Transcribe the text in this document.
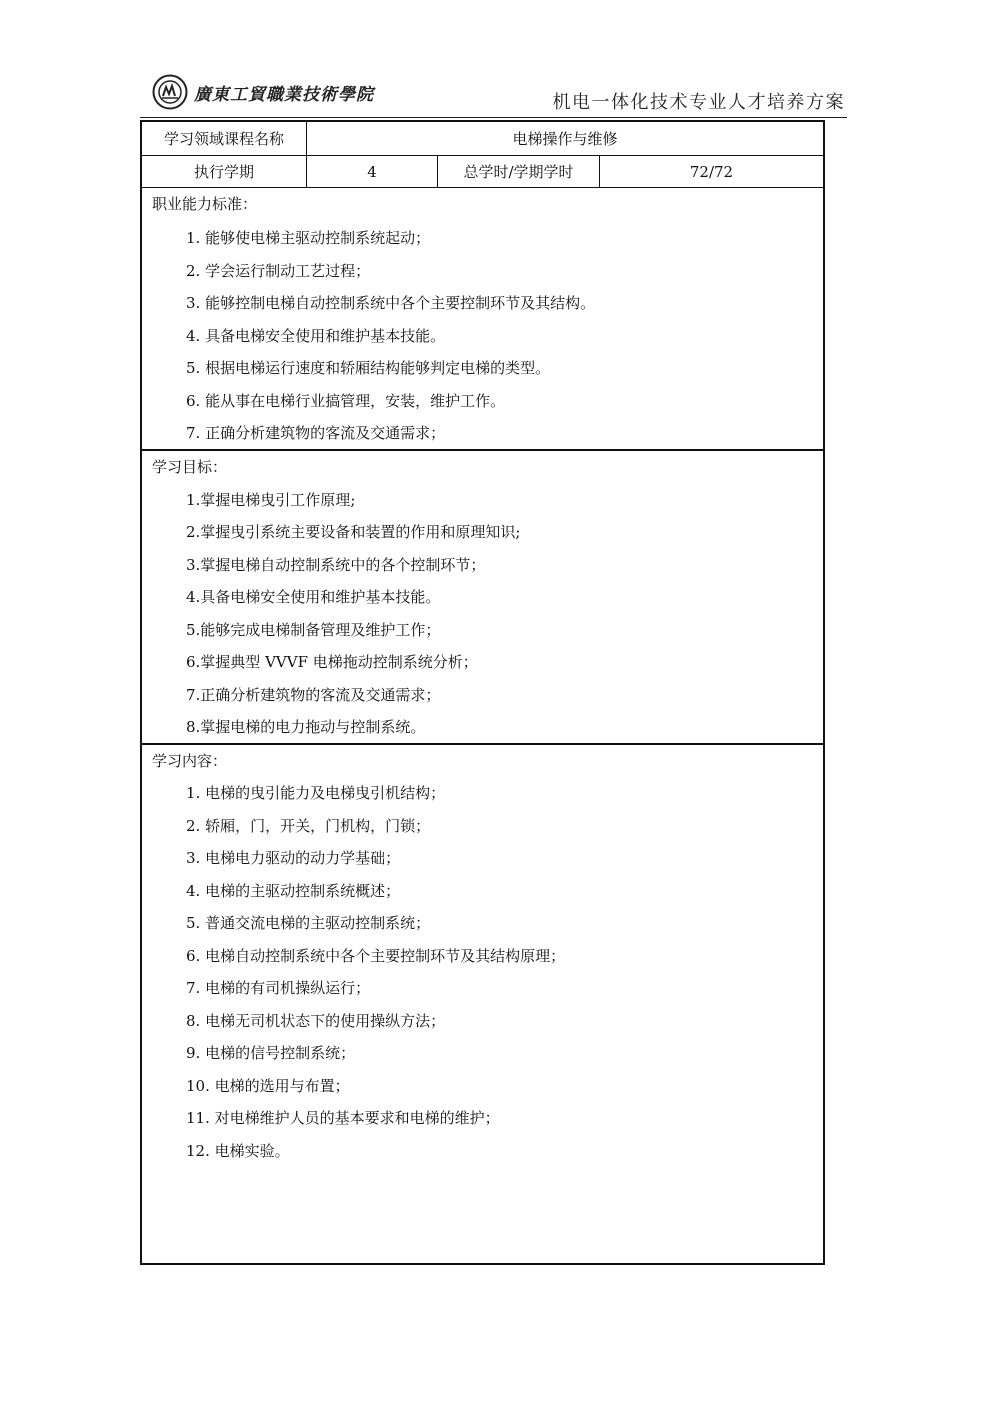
廣東工貿職業技術學院	机电一体化技术专业人才培养方案
学习领域课程名称	电梯操作与维修
执行学期	4	总学时/学期学时	72/72
职业能力标准：
1. 能够使电梯主驱动控制系统起动；
2. 学会运行制动工艺过程；
3. 能够控制电梯自动控制系统中各个主要控制环节及其结构。
4. 具备电梯安全使用和维护基本技能。
5. 根据电梯运行速度和轿厢结构能够判定电梯的类型。
6. 能从事在电梯行业搞管理，安装，维护工作。
7. 正确分析建筑物的客流及交通需求；
学习目标：
1.掌握电梯曳引工作原理;
2.掌握曳引系统主要设备和装置的作用和原理知识;
3.掌握电梯自动控制系统中的各个控制环节；
4.具备电梯安全使用和维护基本技能。
5.能够完成电梯制备管理及维护工作；
6.掌握典型 VVVF 电梯拖动控制系统分析；
7.正确分析建筑物的客流及交通需求；
8.掌握电梯的电力拖动与控制系统。
学习内容：
1. 电梯的曳引能力及电梯曳引机结构；
2. 轿厢，门，开关，门机构，门锁；
3. 电梯电力驱动的动力学基础；
4. 电梯的主驱动控制系统概述；
5. 普通交流电梯的主驱动控制系统；
6. 电梯自动控制系统中各个主要控制环节及其结构原理；
7. 电梯的有司机操纵运行；
8. 电梯无司机状态下的使用操纵方法；
9. 电梯的信号控制系统；
10. 电梯的选用与布置；
11. 对电梯维护人员的基本要求和电梯的维护；
12. 电梯实验。
